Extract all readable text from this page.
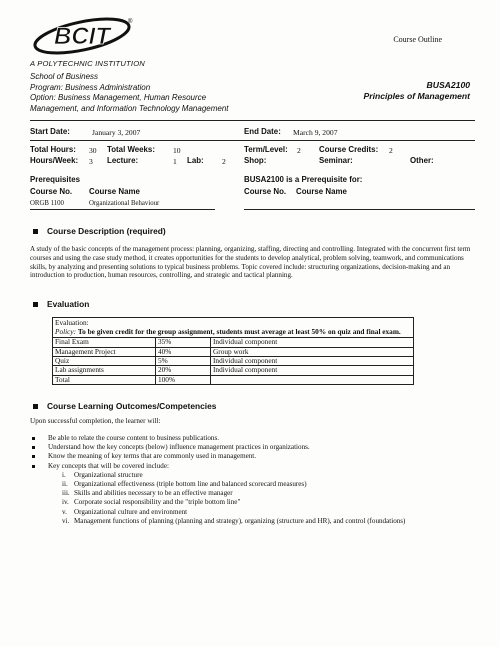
BCIT
®
A POLYTECHNIC INSTITUTION
Course Outline
School of Business
Program: Business Administration
Option: Business Management, Human Resource
Management, and Information Technology Management
BUSA2100
Principles of Management
Start Date:	January 3, 2007	End Date: March 9, 2007
Total Hours: 30 Total Weeks: 10	Term/Level: 2 Course Credits: 2
Hours/Week: 3 Lecture:	1 Lab: 2 Shop:	Seminar:	Other:
Prerequisites
Course No. Course Name
ORGB 1100	Organizational Behaviour
BUSA2100 is a Prerequisite for:
Course No. Course Name
Course Description (required)
A study of the basic concepts of the management process: planning, organizing, staffing, directing and controlling. Integrated with the concurrent first term courses and using the case study method, it creates opportunities for the students to develop analytical, problem solving, teamwork, and communications skills, by analyzing and presenting solutions to typical business problems. Topic covered include: structuring organizations, decision-making and an introduction to production, human resources, controlling, and strategic and tactical planning.
Evaluation
Evaluation:
Policy: To be given credit for the group assignment, students must average at least 50% on quiz and final exam.
Final Exam	35%	Individual component
Management Project	40%	Group work
Quiz	5%	Individual component
Lab assignments	20%	Individual component
Total	100%	
Course Learning Outcomes/Competencies
Upon successful completion, the learner will:
Be able to relate the course content to business publications.
Understand how the key concepts (below) influence management practices in organizations.
Know the meaning of key terms that are commonly used in management.
Key concepts that will be covered include:
i.	Organizational structure
ii. Organizational effectiveness (triple bottom line and balanced scorecard measures)
iii. Skills and abilities necessary to be an effective manager
iv. Corporate social responsibility and the "triple bottom line"
v.	Organizational culture and environment
vi. Management functions of planning (planning and strategy), organizing (structure and HR), and control (foundations)
